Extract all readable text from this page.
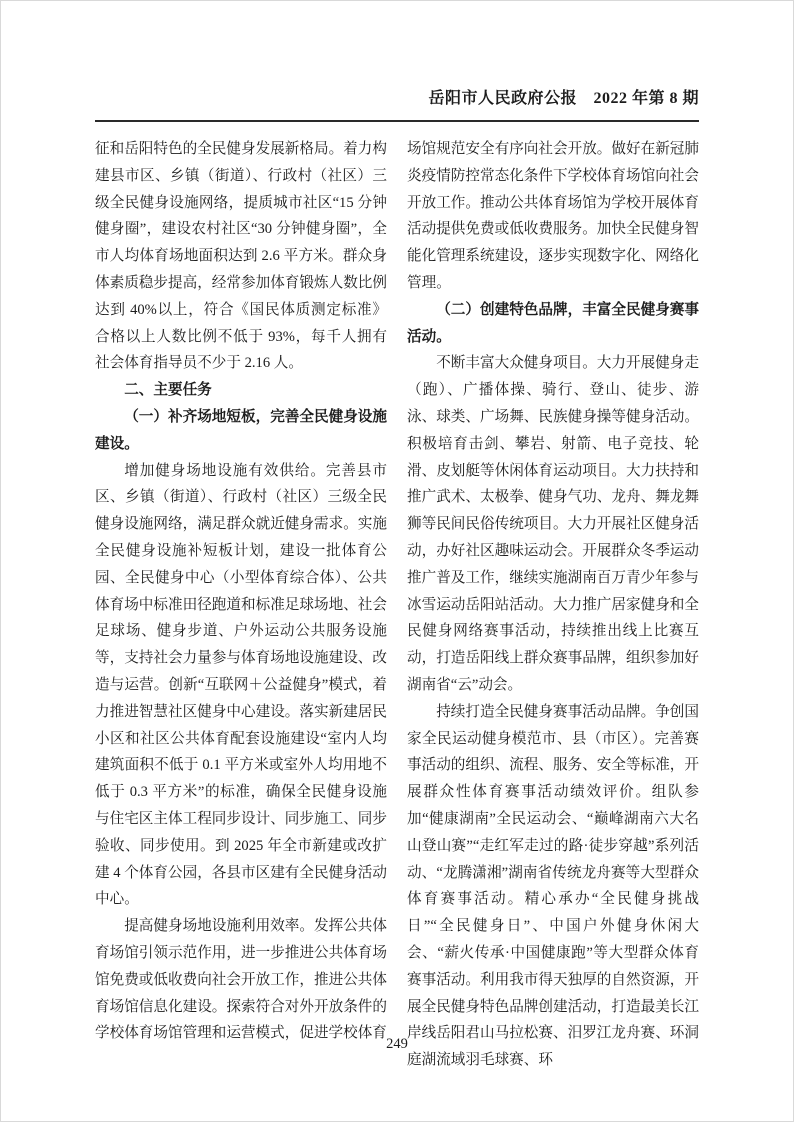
岳阳市人民政府公报　2022 年第 8 期

征和岳阳特色的全民健身发展新格局。着力构建县市区、乡镇（街道）、行政村（社区）三级全民健身设施网络，提质城市社区“15 分钟健身圈”，建设农村社区“30 分钟健身圈”，全市人均体育场地面积达到 2.6 平方米。群众身体素质稳步提高，经常参加体育锻炼人数比例达到 40%以上，符合《国民体质测定标准》合格以上人数比例不低于 93%，每千人拥有社会体育指导员不少于 2.16 人。

二、主要任务

（一）补齐场地短板，完善全民健身设施建设。

增加健身场地设施有效供给。完善县市区、乡镇（街道）、行政村（社区）三级全民健身设施网络，满足群众就近健身需求。实施全民健身设施补短板计划，建设一批体育公园、全民健身中心（小型体育综合体）、公共体育场中标准田径跑道和标准足球场地、社会足球场、健身步道、户外运动公共服务设施等，支持社会力量参与体育场地设施建设、改造与运营。创新“互联网＋公益健身”模式，着力推进智慧社区健身中心建设。落实新建居民小区和社区公共体育配套设施建设“室内人均建筑面积不低于 0.1 平方米或室外人均用地不低于 0.3 平方米”的标准，确保全民健身设施与住宅区主体工程同步设计、同步施工、同步验收、同步使用。到 2025 年全市新建或改扩建 4 个体育公园，各县市区建有全民健身活动中心。

提高健身场地设施利用效率。发挥公共体育场馆引领示范作用，进一步推进公共体育场馆免费或低收费向社会开放工作，推进公共体育场馆信息化建设。探索符合对外开放条件的学校体育场馆管理和运营模式，促进学校体育

场馆规范安全有序向社会开放。做好在新冠肺炎疫情防控常态化条件下学校体育场馆向社会开放工作。推动公共体育场馆为学校开展体育活动提供免费或低收费服务。加快全民健身智能化管理系统建设，逐步实现数字化、网络化管理。

（二）创建特色品牌，丰富全民健身赛事活动。

不断丰富大众健身项目。大力开展健身走（跑）、广播体操、骑行、登山、徒步、游泳、球类、广场舞、民族健身操等健身活动。积极培育击剑、攀岩、射箭、电子竞技、轮滑、皮划艇等休闲体育运动项目。大力扶持和推广武术、太极拳、健身气功、龙舟、舞龙舞狮等民间民俗传统项目。大力开展社区健身活动，办好社区趣味运动会。开展群众冬季运动推广普及工作，继续实施湖南百万青少年参与冰雪运动岳阳站活动。大力推广居家健身和全民健身网络赛事活动，持续推出线上比赛互动，打造岳阳线上群众赛事品牌，组织参加好湖南省“云”动会。

持续打造全民健身赛事活动品牌。争创国家全民运动健身模范市、县（市区）。完善赛事活动的组织、流程、服务、安全等标准，开展群众性体育赛事活动绩效评价。组队参加“健康湖南”全民运动会、“巅峰湖南六大名山登山赛”“走红军走过的路·徒步穿越”系列活动、“龙腾潇湘”湖南省传统龙舟赛等大型群众体育赛事活动。精心承办“全民健身挑战日”“全民健身日”、中国户外健身休闲大会、“薪火传承·中国健康跑”等大型群众体育赛事活动。利用我市得天独厚的自然资源，开展全民健身特色品牌创建活动，打造最美长江岸线岳阳君山马拉松赛、汨罗江龙舟赛、环洞庭湖流域羽毛球赛、环

249
